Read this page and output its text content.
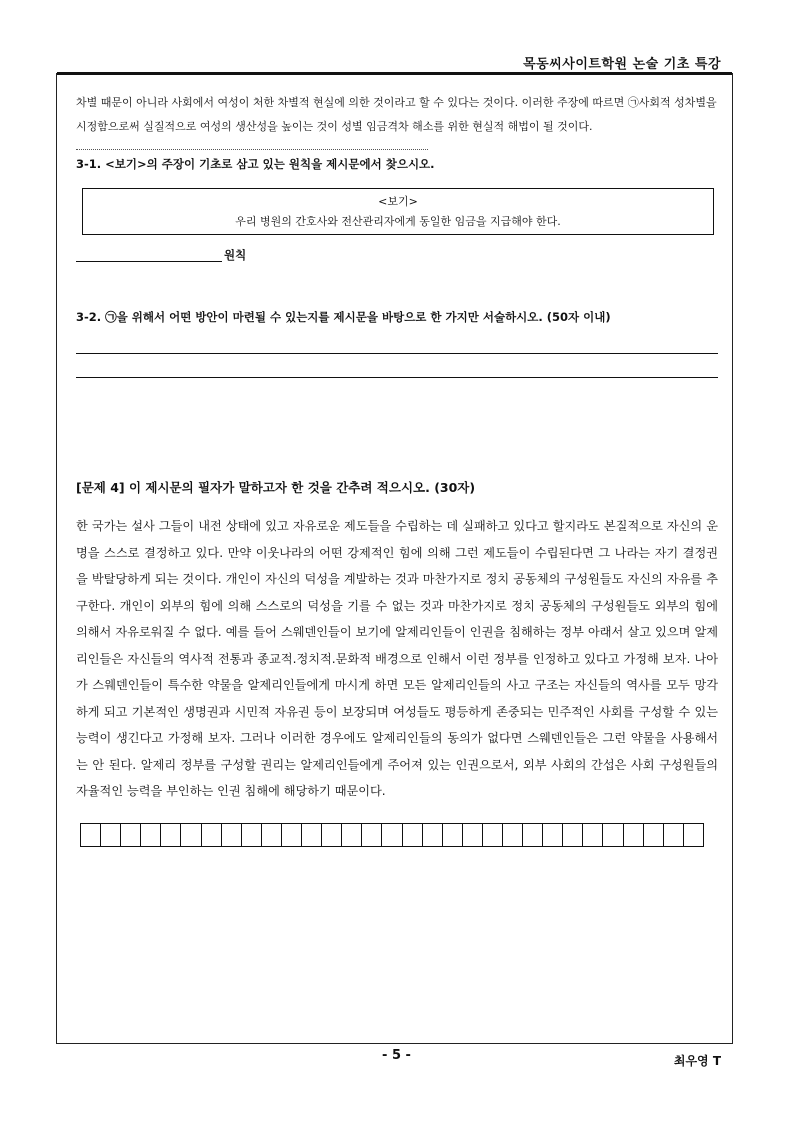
목동씨사이트학원 논술 기초 특강

차별 때문이 아니라 사회에서 여성이 처한 차별적 현실에 의한 것이라고 할 수 있다는 것이다. 이러한 주장에 따르면 ㉠사회적 성차별을 시정함으로써 실질적으로 여성의 생산성을 높이는 것이 성별 임금격차 해소를 위한 현실적 해법이 될 것이다.

3-1. <보기>의 주장이 기초로 삼고 있는 원칙을 제시문에서 찾으시오.
<보기>
우리 병원의 간호사와 전산관리자에게 동일한 임금을 지급해야 한다.
원칙
3-2. ㉠을 위해서 어떤 방안이 마련될 수 있는지를 제시문을 바탕으로 한 가지만 서술하시오. (50자 이내)
[문제 4] 이 제시문의 필자가 말하고자 한 것을 간추려 적으시오. (30자)

한 국가는 설사 그들이 내전 상태에 있고 자유로운 제도들을 수립하는 데 실패하고 있다고 할지라도 본질적으로 자신의 운명을 스스로 결정하고 있다. 만약 이웃나라의 어떤 강제적인 힘에 의해 그런 제도들이 수립된다면 그 나라는 자기 결정권을 박탈당하게 되는 것이다. 개인이 자신의 덕성을 계발하는 것과 마찬가지로 정치 공동체의 구성원들도 자신의 자유를 추구한다. 개인이 외부의 힘에 의해 스스로의 덕성을 기를 수 없는 것과 마찬가지로 정치 공동체의 구성원들도 외부의 힘에 의해서 자유로워질 수 없다. 예를 들어 스웨덴인들이 보기에 알제리인들이 인권을 침해하는 정부 아래서 살고 있으며 알제리인들은 자신들의 역사적 전통과 종교적.정치적.문화적 배경으로 인해서 이런 정부를 인정하고 있다고 가정해 보자. 나아가 스웨덴인들이 특수한 약물을 알제리인들에게 마시게 하면 모든 알제리인들의 사고 구조는 자신들의 역사를 모두 망각하게 되고 기본적인 생명권과 시민적 자유권 등이 보장되며 여성들도 평등하게 존중되는 민주적인 사회를 구성할 수 있는 능력이 생긴다고 가정해 보자. 그러나 이러한 경우에도 알제리인들의 동의가 없다면 스웨덴인들은 그런 약물을 사용해서는 안 된다. 알제리 정부를 구성할 권리는 알제리인들에게 주어져 있는 인권으로서, 외부 사회의 간섭은 사회 구성원들의 자율적인 능력을 부인하는 인권 침해에 해당하기 때문이다.

- 5 -	최우영 T
